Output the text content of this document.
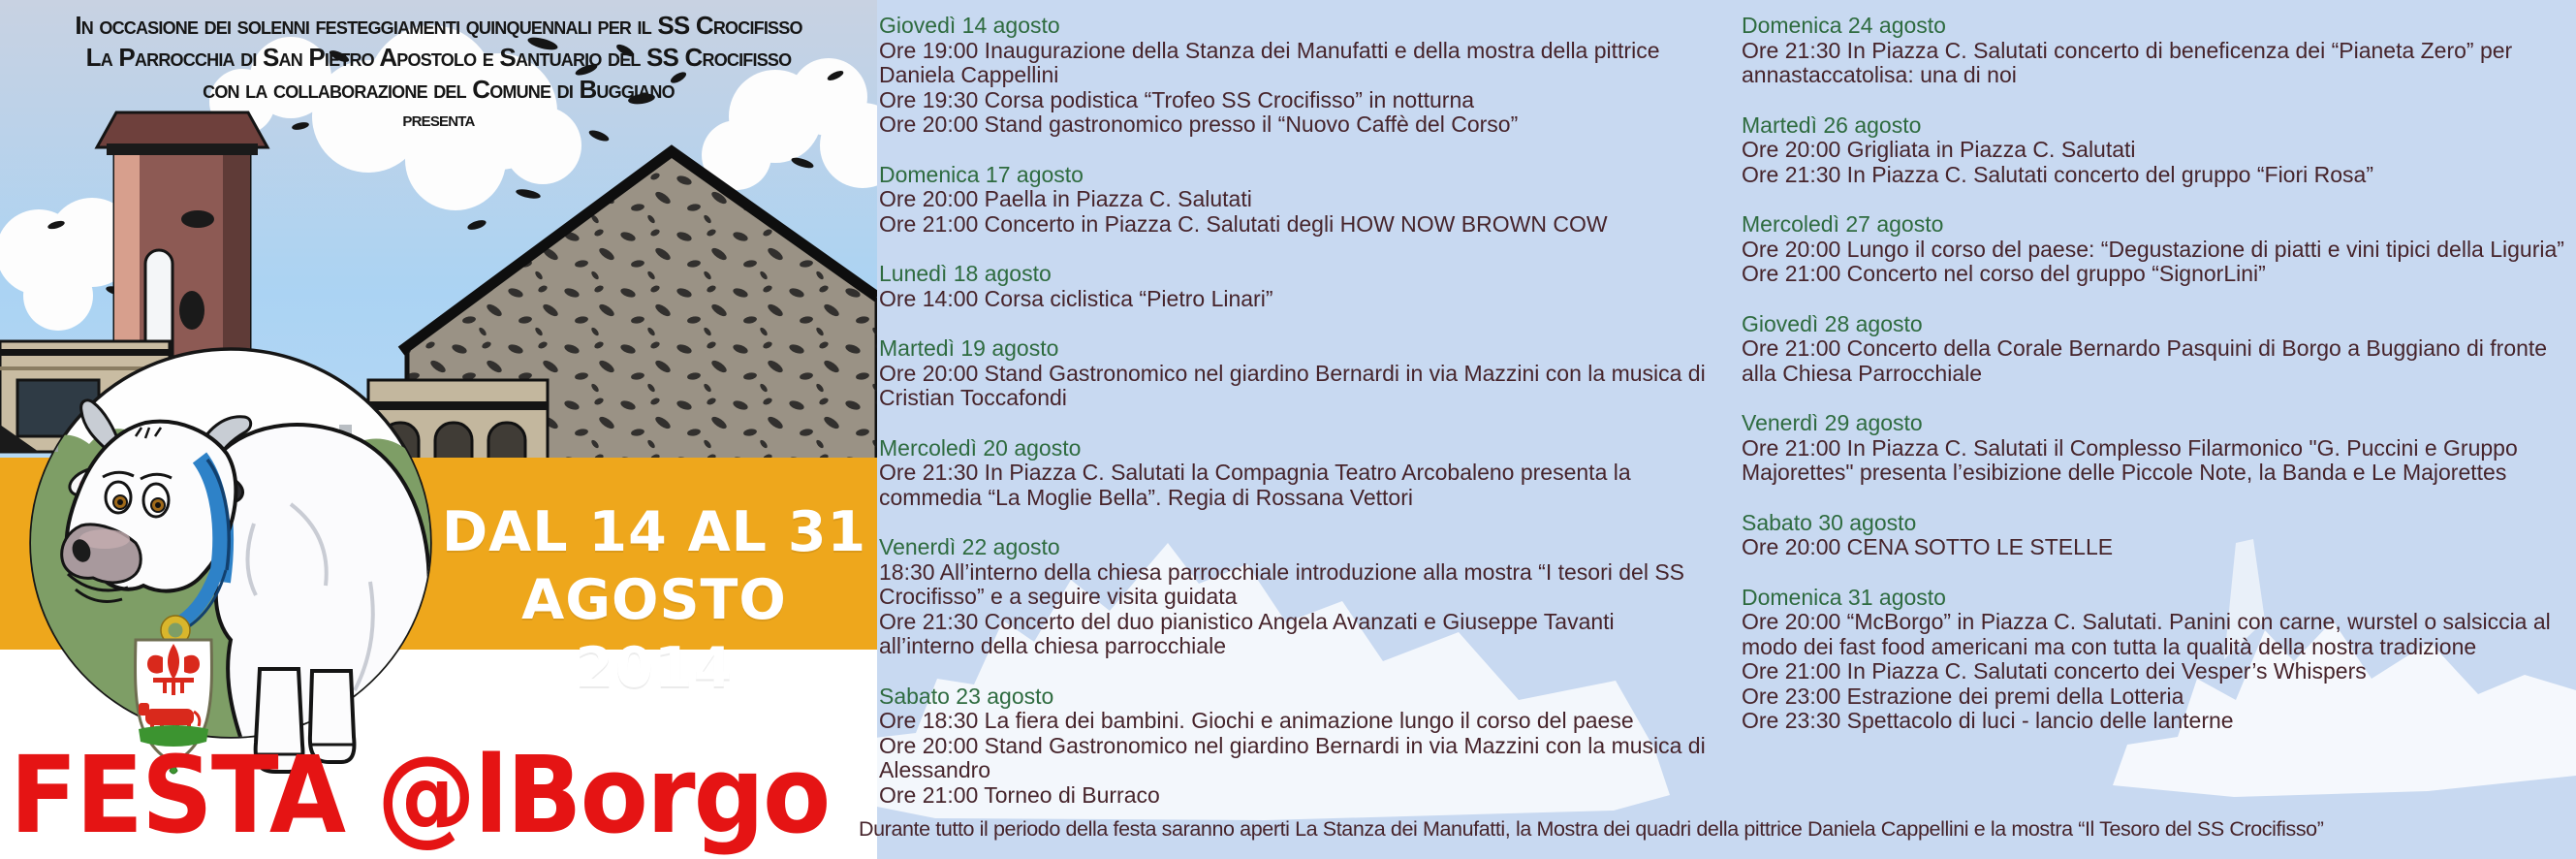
In occasione dei solenni festeggiamenti quinquennali per il SS Crocifisso
La Parrocchia di San Pietro Apostolo e Santuario del SS Crocifisso
con la collaborazione del Comune di Buggiano
presenta
DAL 14 AL 31
AGOSTO 2014
FESTA @lBorgo
Giovedì 14 agosto
Ore 19:00 Inaugurazione della Stanza dei Manufatti e della mostra della pittrice Daniela Cappellini
Ore 19:30 Corsa podistica “Trofeo SS Crocifisso” in notturna
Ore 20:00 Stand gastronomico presso il “Nuovo Caffè del Corso”
Domenica 17 agosto
Ore 20:00 Paella in Piazza C. Salutati
Ore 21:00 Concerto in Piazza C. Salutati degli HOW NOW BROWN COW
Lunedì 18 agosto
Ore 14:00 Corsa ciclistica “Pietro Linari”
Martedì 19 agosto
Ore 20:00 Stand Gastronomico nel giardino Bernardi in via Mazzini con la musica di Cristian Toccafondi
Mercoledì 20 agosto
Ore 21:30 In Piazza C. Salutati la Compagnia Teatro Arcobaleno presenta la commedia “La Moglie Bella”. Regia di Rossana Vettori
Venerdì 22 agosto
18:30 All’interno della chiesa parrocchiale introduzione alla mostra “I tesori del SS Crocifisso” e a seguire visita guidata
Ore 21:30 Concerto del duo pianistico Angela Avanzati e Giuseppe Tavanti all’interno della chiesa parrocchiale
Sabato 23 agosto
Ore 18:30 La fiera dei bambini. Giochi e animazione lungo il corso del paese
Ore 20:00 Stand Gastronomico nel giardino Bernardi in via Mazzini con la musica di Alessandro
Ore 21:00 Torneo di Burraco
Domenica 24 agosto
Ore 21:30 In Piazza C. Salutati concerto di beneficenza dei “Pianeta Zero” per annastaccatolisa: una di noi
Martedì 26 agosto
Ore 20:00 Grigliata in Piazza C. Salutati
Ore 21:30 In Piazza C. Salutati concerto del gruppo “Fiori Rosa”
Mercoledì 27 agosto
Ore 20:00 Lungo il corso del paese: “Degustazione di piatti e vini tipici della Liguria”
Ore 21:00 Concerto nel corso del gruppo “SignorLini”
Giovedì 28 agosto
Ore 21:00 Concerto della Corale Bernardo Pasquini di Borgo a Buggiano di fronte alla Chiesa Parrocchiale
Venerdì 29 agosto
Ore 21:00 In Piazza C. Salutati il Complesso Filarmonico "G. Puccini e Gruppo Majorettes" presenta l’esibizione delle Piccole Note, la Banda e Le Majorettes
Sabato 30 agosto
Ore 20:00 CENA SOTTO LE STELLE
Domenica 31 agosto
Ore 20:00 “McBorgo” in Piazza C. Salutati. Panini con carne, wurstel o salsiccia al modo dei fast food americani ma con tutta la qualità della nostra tradizione
Ore 21:00 In Piazza C. Salutati concerto dei Vesper’s Whispers
Ore 23:00 Estrazione dei premi della Lotteria
Ore 23:30 Spettacolo di luci - lancio delle lanterne
Durante tutto il periodo della festa saranno aperti La Stanza dei Manufatti, la Mostra dei quadri della pittrice Daniela Cappellini e la mostra “Il Tesoro del SS Crocifisso”
